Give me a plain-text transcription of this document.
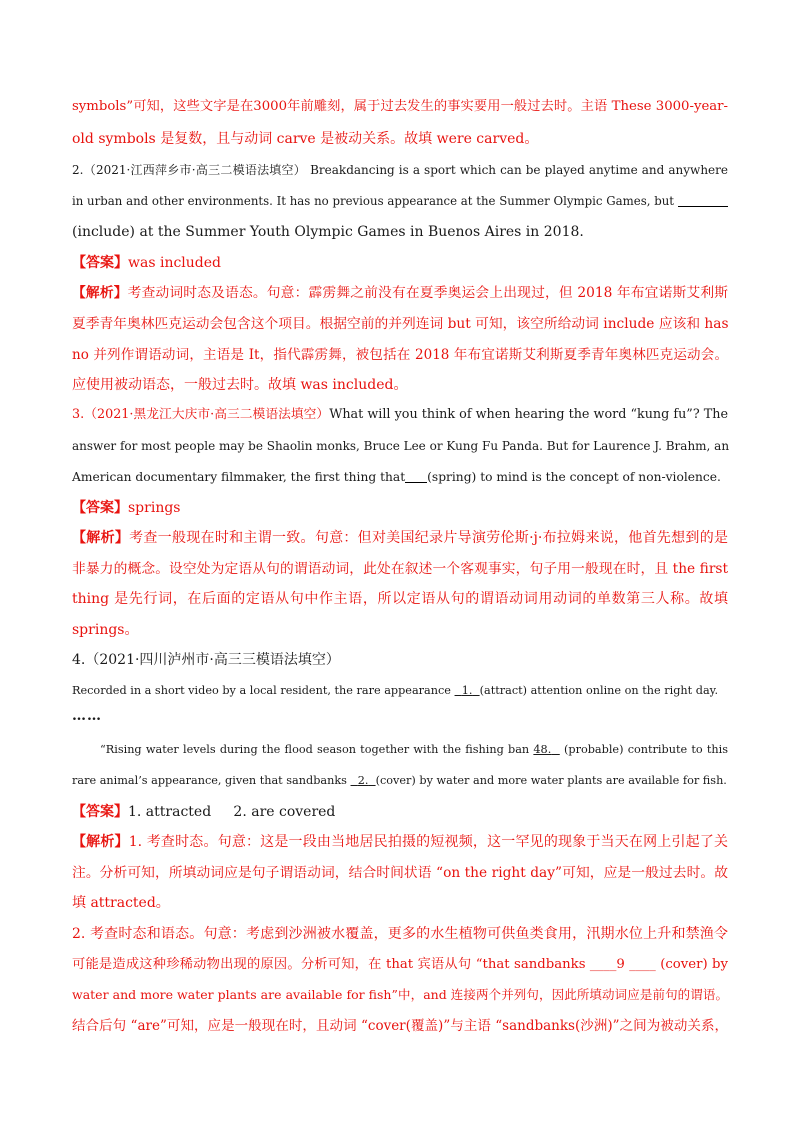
symbols”可知，这些文字是在3000年前雕刻，属于过去发生的事实要用一般过去时。主语 These 3000-year-
old symbols 是复数，且与动词 carve 是被动关系。故填 were carved。
2.（2021·江西萍乡市·高三二模语法填空） Breakdancing is a sport which can be played anytime and anywhere
in urban and other environments. It has no previous appearance at the Summer Olympic Games, but
(include) at the Summer Youth Olympic Games in Buenos Aires in 2018.
【答案】was included
【解析】考查动词时态及语态。句意：霹雳舞之前没有在夏季奥运会上出现过，但 2018 年布宜诺斯艾利斯
夏季青年奥林匹克运动会包含这个项目。根据空前的并列连词 but 可知，该空所给动词 include 应该和 has
no 并列作谓语动词，主语是 It，指代霹雳舞，被包括在 2018 年布宜诺斯艾利斯夏季青年奥林匹克运动会。
应使用被动语态，一般过去时。故填 was included。
3.（2021·黑龙江大庆市·高三二模语法填空）What will you think of when hearing the word “kung fu”? The
answer for most people may be Shaolin monks, Bruce Lee or Kung Fu Panda. But for Laurence J. Brahm, an
American documentary filmmaker, the first thing that (spring) to mind is the concept of non-violence.
【答案】springs
【解析】考查一般现在时和主谓一致。句意：但对美国纪录片导演劳伦斯·j·布拉姆来说，他首先想到的是
非暴力的概念。设空处为定语从句的谓语动词，此处在叙述一个客观事实，句子用一般现在时，且 the first
thing 是先行词，在后面的定语从句中作主语，所以定语从句的谓语动词用动词的单数第三人称。故填
springs。
4.（2021·四川泸州市·高三三模语法填空）
Recorded in a short video by a local resident, the rare appearance 1. (attract) attention online on the right day.
……
“Rising water levels during the flood season together with the fishing ban 48. (probable) contribute to this
rare animal’s appearance, given that sandbanks 2. (cover) by water and more water plants are available for fish.
【答案】1. attracted     2. are covered
【解析】1. 考查时态。句意：这是一段由当地居民拍摄的短视频，这一罕见的现象于当天在网上引起了关
注。分析可知，所填动词应是句子谓语动词，结合时间状语 “on the right day”可知，应是一般过去时。故
填 attracted。
2. 考查时态和语态。句意：考虑到沙洲被水覆盖，更多的水生植物可供鱼类食用，汛期水位上升和禁渔令
可能是造成这种珍稀动物出现的原因。分析可知，在 that 宾语从句 “that sandbanks ____9 ____ (cover) by
water and more water plants are available for fish”中，and 连接两个并列句，因此所填动词应是前句的谓语。
结合后句 “are”可知，应是一般现在时，且动词 “cover(覆盖)”与主语 “sandbanks(沙洲)”之间为被动关系，
